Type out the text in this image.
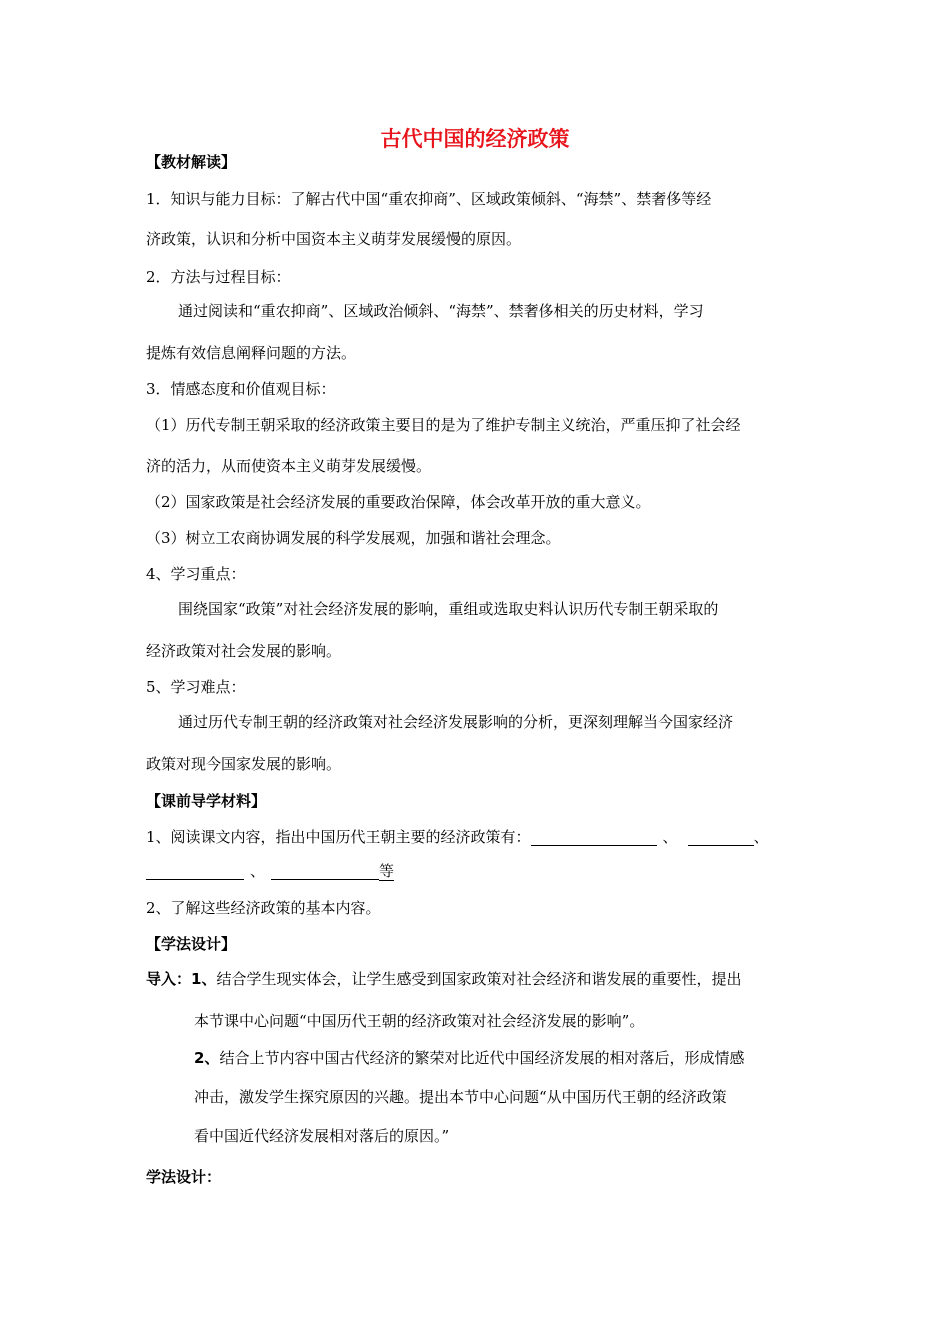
古代中国的经济政策
【教材解读】
1．知识与能力目标：了解古代中国“重农抑商”、区域政策倾斜、“海禁”、禁奢侈等经
济政策，认识和分析中国资本主义萌芽发展缓慢的原因。
2．方法与过程目标：
通过阅读和“重农抑商”、区域政治倾斜、“海禁”、禁奢侈相关的历史材料，学习
提炼有效信息阐释问题的方法。
3．情感态度和价值观目标：
（1）历代专制王朝采取的经济政策主要目的是为了维护专制主义统治，严重压抑了社会经
济的活力，从而使资本主义萌芽发展缓慢。
（2）国家政策是社会经济发展的重要政治保障，体会改革开放的重大意义。
（3）树立工农商协调发展的科学发展观，加强和谐社会理念。
4、学习重点：
围绕国家“政策”对社会经济发展的影响，重组或选取史料认识历代专制王朝采取的
经济政策对社会发展的影响。
5、学习难点：
通过历代专制王朝的经济政策对社会经济发展影响的分析，更深刻理解当今国家经济
政策对现今国家发展的影响。
【课前导学材料】
1、阅读课文内容，指出中国历代王朝主要的经济政策有：	、	、
、	等
2、了解这些经济政策的基本内容。
【学法设计】
导入：1、结合学生现实体会，让学生感受到国家政策对社会经济和谐发展的重要性，提出
本节课中心问题“中国历代王朝的经济政策对社会经济发展的影响”。
2、结合上节内容中国古代经济的繁荣对比近代中国经济发展的相对落后，形成情感
冲击，激发学生探究原因的兴趣。提出本节中心问题“从中国历代王朝的经济政策
看中国近代经济发展相对落后的原因。”
学法设计：
